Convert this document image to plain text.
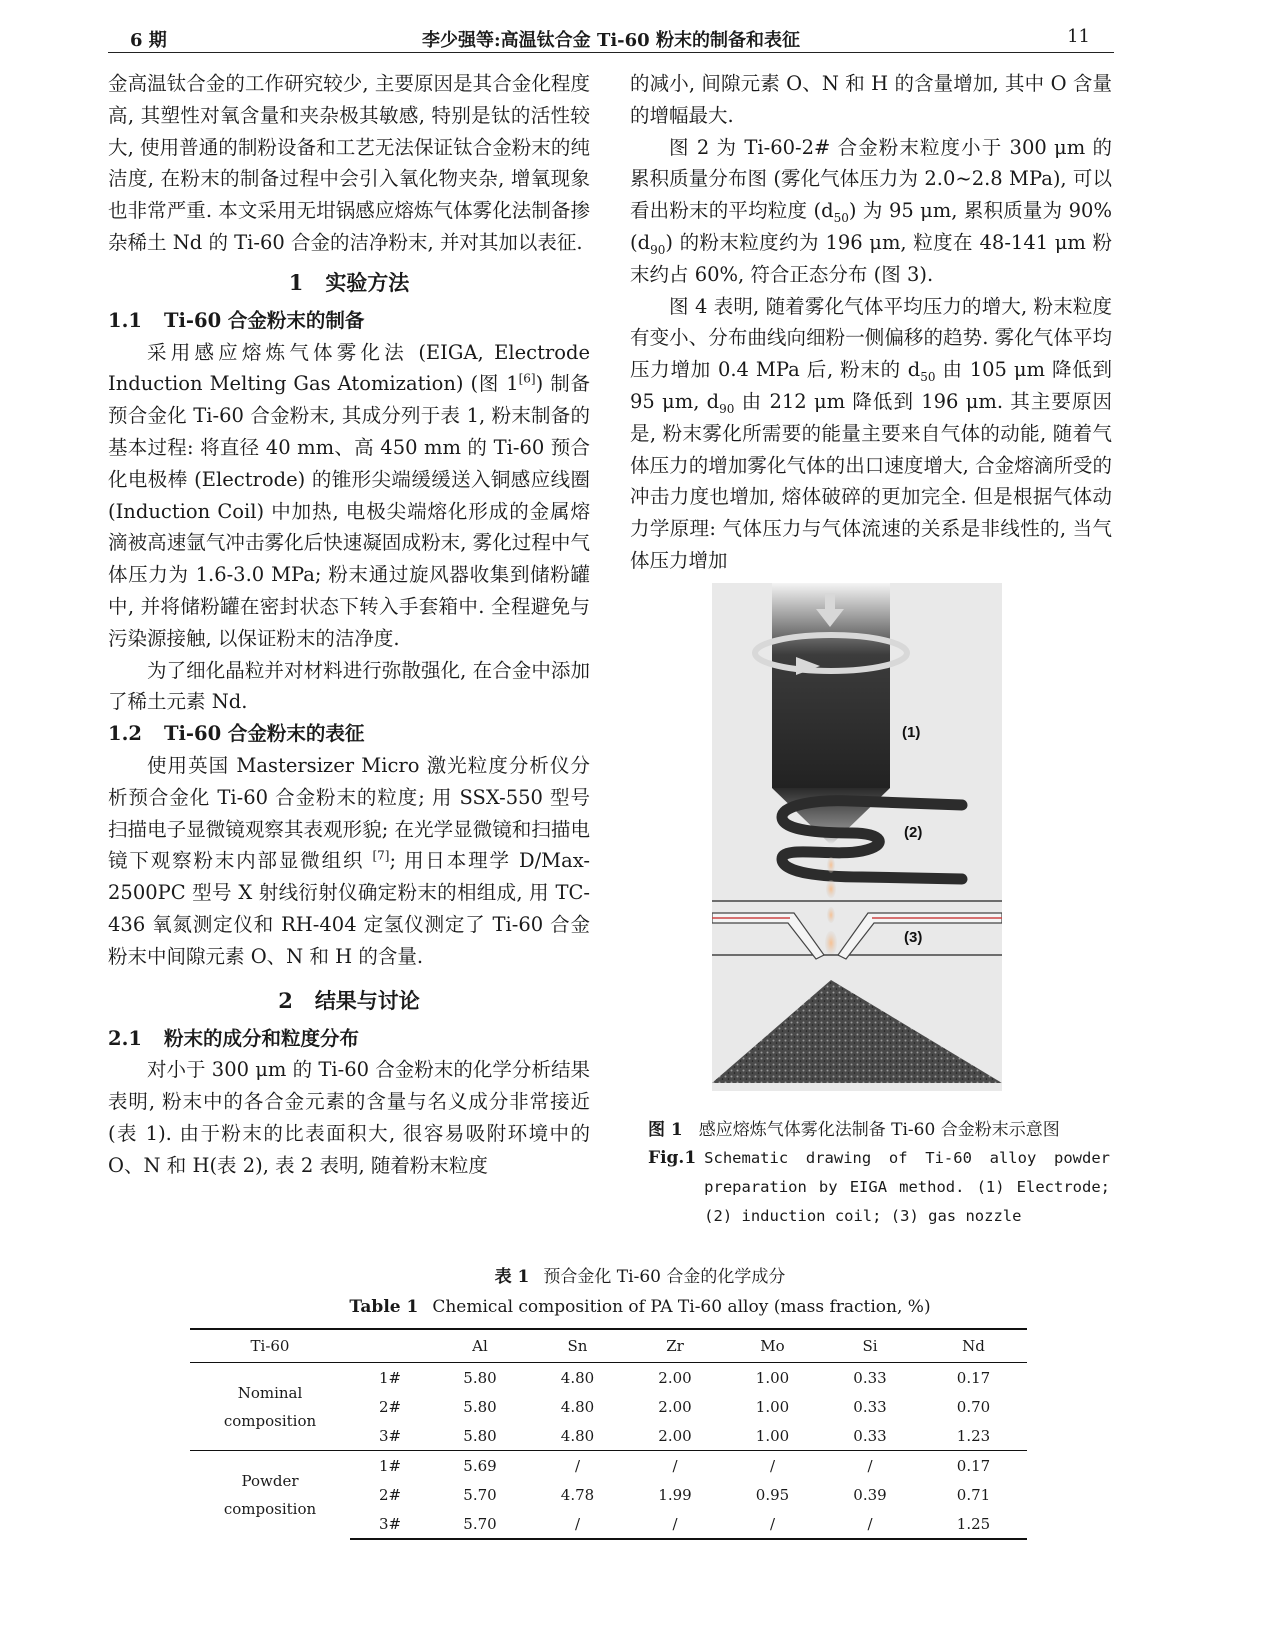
李少强等:高温钛合金 Ti-60 粉末的制备和表征
6 期	11

金高温钛合金的工作研究较少, 主要原因是其合金化程度高, 其塑性对氧含量和夹杂极其敏感, 特别是钛的活性较大, 使用普通的制粉设备和工艺无法保证钛合金粉末的纯洁度, 在粉末的制备过程中会引入氧化物夹杂, 增氧现象也非常严重. 本文采用无坩锅感应熔炼气体雾化法制备掺杂稀土 Nd 的 Ti-60 合金的洁净粉末, 并对其加以表征.

1 实验方法
1.1 Ti-60 合金粉末的制备

采用感应熔炼气体雾化法 (EIGA, Electrode Induction Melting Gas Atomization) (图 1[6]) 制备预合金化 Ti-60 合金粉末, 其成分列于表 1, 粉末制备的基本过程: 将直径 40 mm、高 450 mm 的 Ti-60 预合化电极棒 (Electrode) 的锥形尖端缓缓送入铜感应线圈 (Induction Coil) 中加热, 电极尖端熔化形成的金属熔滴被高速氩气冲击雾化后快速凝固成粉末, 雾化过程中气体压力为 1.6-3.0 MPa; 粉末通过旋风器收集到储粉罐中, 并将储粉罐在密封状态下转入手套箱中. 全程避免与污染源接触, 以保证粉末的洁净度.

为了细化晶粒并对材料进行弥散强化, 在合金中添加了稀土元素 Nd.

1.2 Ti-60 合金粉末的表征

使用英国 Mastersizer Micro 激光粒度分析仪分析预合金化 Ti-60 合金粉末的粒度; 用 SSX-550 型号扫描电子显微镜观察其表观形貌; 在光学显微镜和扫描电镜下观察粉末内部显微组织 [7]; 用日本理学 D/Max-2500PC 型号 X 射线衍射仪确定粉末的相组成, 用 TC-436 氧氮测定仪和 RH-404 定氢仪测定了 Ti-60 合金粉末中间隙元素 O、N 和 H 的含量.

2 结果与讨论
2.1 粉末的成分和粒度分布

对小于 300 μm 的 Ti-60 合金粉末的化学分析结果表明, 粉末中的各合金元素的含量与名义成分非常接近 (表 1). 由于粉末的比表面积大, 很容易吸附环境中的 O、N 和 H(表 2), 表 2 表明, 随着粉末粒度

的减小, 间隙元素 O、N 和 H 的含量增加, 其中 O 含量的增幅最大.

图 2 为 Ti-60-2# 合金粉末粒度小于 300 μm 的累积质量分布图 (雾化气体压力为 2.0~2.8 MPa), 可以看出粉末的平均粒度 $(d_{50})$ 为 95 μm, 累积质量为 $90\%(d_{90})$ 的粉末粒度约为 196 μm, 粒度在 48-141 μm 粉末约占 60%, 符合正态分布 (图 3).

图 4 表明, 随着雾化气体平均压力的增大, 粉末粒度有变小、分布曲线向细粉一侧偏移的趋势. 雾化气体平均压力增加 0.4 MPa 后, 粉末的 $d_{50}$ 由 105 μm 降低到 95 μm, $d_{90}$ 由 212 μm 降低到 196 μm. 其主要原因是, 粉末雾化所需要的能量主要来自气体的动能, 随着气体压力的增加雾化气体的出口速度增大, 合金熔滴所受的冲击力度也增加, 熔体破碎的更加完全. 但是根据气体动力学原理: 气体压力与气体流速的关系是非线性的, 当气体压力增加

(1)
(2)
(3)
图 1 感应熔炼气体雾化法制备 Ti-60 合金粉末示意图
Fig.1 Schematic drawing of Ti-60 alloy powder preparation by EIGA method. (1) Electrode; (2) induction coil; (3) gas nozzle
表 1 预合金化 Ti-60 合金的化学成分
Table 1 Chemical composition of PA Ti-60 alloy (mass fraction, %)
Ti-60		Al	Sn	Zr	Mo	Si	Nd
Nominal
composition	1#	5.80	4.80	2.00	1.00	0.33	0.17
	2#	5.80	4.80	2.00	1.00	0.33	0.70
	3#	5.80	4.80	2.00	1.00	0.33	1.23
Powder
composition	1#	5.69	/	/	/	/	0.17
	2#	5.70	4.78	1.99	0.95	0.39	0.71
	3#	5.70	/	/	/	/	1.25
